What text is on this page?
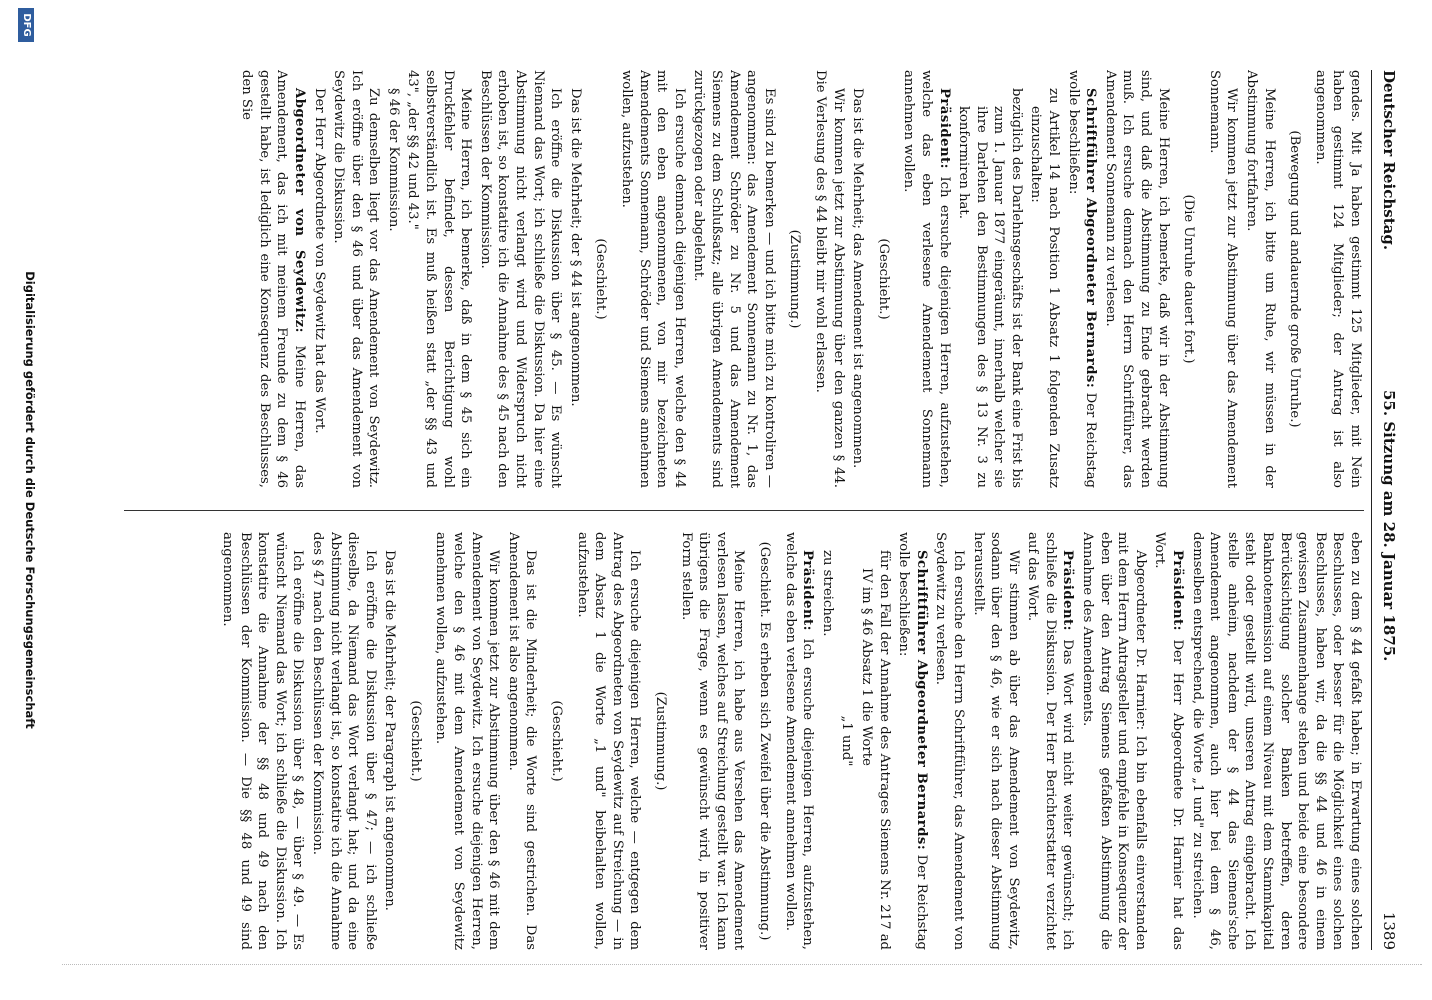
Deutscher Reichstag.
55. Sitzung am 28. Januar 1875.
1389

gendes. Mit Ja haben gestimmt 125 Mitglieder, mit Nein haben gestimmt 124 Mitglieder; der Antrag ist also angenommen.

(Bewegung und andauernde große Unruhe.)

Meine Herren, ich bitte um Ruhe, wir müssen in der Abstimmung fortfahren.

Wir kommen jetzt zur Abstimmung über das Amendement Sonnemann.

(Die Unruhe dauert fort.)

Meine Herren, ich bemerke, daß wir in der Abstimmung sind, und daß die Abstimmung zu Ende gebracht werden muß. Ich ersuche demnach den Herrn Schriftführer, das Amendement Sonnemann zu verlesen.

Schriftführer Abgeordneter Bernards: Der Reichstag wolle beschließen:

zu Artikel 14 nach Position 1 Absatz 1 folgenden Zusatz einzuschalten:

bezüglich des Darlehnsgeschäfts ist der Bank eine Frist bis zum 1. Januar 1877 eingeräumt, innerhalb welcher sie ihre Darlehen den Bestimmungen des § 13 Nr. 3 zu konformiren hat.

Präsident: Ich ersuche diejenigen Herren, aufzustehen, welche das eben verlesene Amendement Sonnemann annehmen wollen.

(Geschieht.)

Das ist die Mehrheit; das Amendement ist angenommen.

Wir kommen jetzt zur Abstimmung über den ganzen § 44. Die Verlesung des § 44 bleibt mir wohl erlassen.

(Zustimmung.)

Es sind zu bemerken — und ich bitte mich zu kontroliren — angenommen: das Amendement Sonnemann zu Nr. 1, das Amendement Schröder zu Nr. 5 und das Amendement Siemens zu dem Schlußsatz; alle übrigen Amendements sind zurückgezogen oder abgelehnt.

Ich ersuche demnach diejenigen Herren, welche den § 44 mit den eben angenommenen, von mir bezeichneten Amendements Sonnemann, Schröder und Siemens annehmen wollen, aufzustehen.

(Geschieht.)

Das ist die Mehrheit; der § 44 ist angenommen.

Ich eröffne die Diskussion über § 45. — Es wünscht Niemand das Wort; ich schließe die Diskussion. Da hier eine Abstimmung nicht verlangt wird und Widerspruch nicht erhoben ist, so konstatire ich die Annahme des § 45 nach den Beschlüssen der Kommission.

Meine Herren, ich bemerke, daß in dem § 45 sich ein Druckfehler befindet, dessen Berichtigung wohl selbstverständlich ist. Es muß heißen statt „der §§ 43 und 43", „der §§ 42 und 43."

§ 46 der Kommission.

Zu demselben liegt vor das Amendement von Seydewitz. Ich eröffne über den § 46 und über das Amendement von Seydewitz die Diskussion.

Der Herr Abgeordnete von Seydewitz hat das Wort.

Abgeordneter von Seydewitz: Meine Herren, das Amendement, das ich mit meinem Freunde zu dem § 46 gestellt habe, ist lediglich eine Konsequenz des Beschlusses, den Sie

eben zu dem § 44 gefaßt haben; in Erwartung eines solchen Beschlusses, oder besser für die Möglichkeit eines solchen Beschlusses, haben wir, da die §§ 44 und 46 in einem gewissen Zusammenhange stehen und beide eine besondere Berücksichtigung solcher Banken betreffen, deren Banknotenemission auf einem Niveau mit dem Stammkapital steht oder gestellt wird, unseren Antrag eingebracht. Ich stelle anheim, nachdem der § 44 das Siemens'sche Amendement angenommen, auch hier bei dem § 46, demselben entsprechend, die Worte „1 und" zu streichen.

Präsident: Der Herr Abgeordnete Dr. Harnier hat das Wort.

Abgeordneter Dr. Harnier: Ich bin ebenfalls einverstanden mit dem Herrn Antragsteller und empfehle in Konsequenz der eben über den Antrag Siemens gefaßten Abstimmung die Annahme des Amendements.

Präsident: Das Wort wird nicht weiter gewünscht; ich schließe die Diskussion. Der Herr Berichterstatter verzichtet auf das Wort.

Wir stimmen ab über das Amendement von Seydewitz, sodann über den § 46, wie er sich nach dieser Abstimmung herausstellt.

Ich ersuche den Herrn Schriftführer, das Amendement von Seydewitz zu verlesen.

Schriftführer Abgeordneter Bernards: Der Reichstag wolle beschließen:

für den Fall der Annahme des Antrages Siemens Nr. 217 ad IV im § 46 Absatz 1 die Worte

„1 und"

zu streichen.

Präsident: Ich ersuche diejenigen Herren, aufzustehen, welche das eben verlesene Amendement annehmen wollen.

(Geschieht. Es erheben sich Zweifel über die Abstimmung.)

Meine Herren, ich habe aus Versehen das Amendement verlesen lassen, welches auf Streichung gestellt war. Ich kann übrigens die Frage, wenn es gewünscht wird, in positiver Form stellen.

(Zustimmung.)

Ich ersuche diejenigen Herren, welche — entgegen dem Antrag des Abgeordneten von Seydewitz auf Streichung — in dem Absatz 1 die Worte „1 und" beibehalten wollen, aufzustehen.

(Geschieht.)

Das ist die Minderheit; die Worte sind gestrichen. Das Amendement ist also angenommen.

Wir kommen jetzt zur Abstimmung über den § 46 mit dem Amendement von Seydewitz. Ich ersuche diejenigen Herren, welche den § 46 mit dem Amendement von Seydewitz annehmen wollen, aufzustehen.

(Geschieht.)

Das ist die Mehrheit; der Paragraph ist angenommen.

Ich eröffne die Diskussion über § 47; — ich schließe dieselbe, da Niemand das Wort verlangt hat; und da eine Abstimmung nicht verlangt ist, so konstatire ich die Annahme des § 47 nach den Beschlüssen der Kommission.

Ich eröffne die Diskussion über § 48, — über § 49. — Es wünscht Niemand das Wort; ich schließe die Diskussion. Ich konstatire die Annahme der §§ 48 und 49 nach den Beschlüssen der Kommission. — Die §§ 48 und 49 sind angenommen.

DFG
Digitalisierung gefördert durch die Deutsche Forschungsgemeinschaft
